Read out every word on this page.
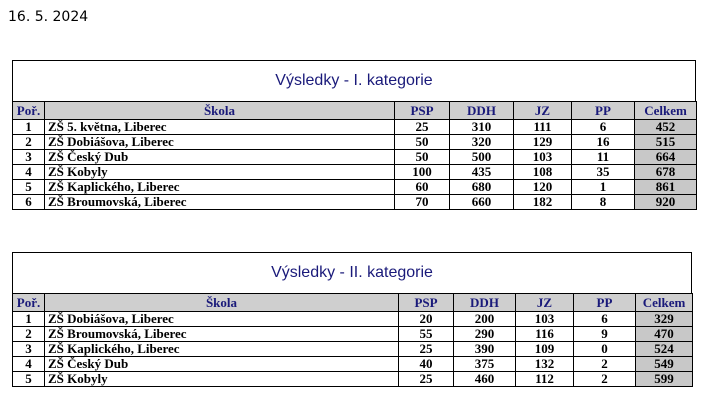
16. 5. 2024
Výsledky - I. kategorie
Poř.	Škola	PSP	DDH	JZ	PP	Celkem
1	ZŠ 5. května, Liberec	25	310	111	6	452
2	ZŠ Dobiášova, Liberec	50	320	129	16	515
3	ZŠ Český Dub	50	500	103	11	664
4	ZŠ Kobyly	100	435	108	35	678
5	ZŠ Kaplického, Liberec	60	680	120	1	861
6	ZŠ Broumovská, Liberec	70	660	182	8	920
Výsledky - II. kategorie
Poř.	Škola	PSP	DDH	JZ	PP	Celkem
1	ZŠ Dobiášova, Liberec	20	200	103	6	329
2	ZŠ Broumovská, Liberec	55	290	116	9	470
3	ZŠ Kaplického, Liberec	25	390	109	0	524
4	ZŠ Český Dub	40	375	132	2	549
5	ZŠ Kobyly	25	460	112	2	599
